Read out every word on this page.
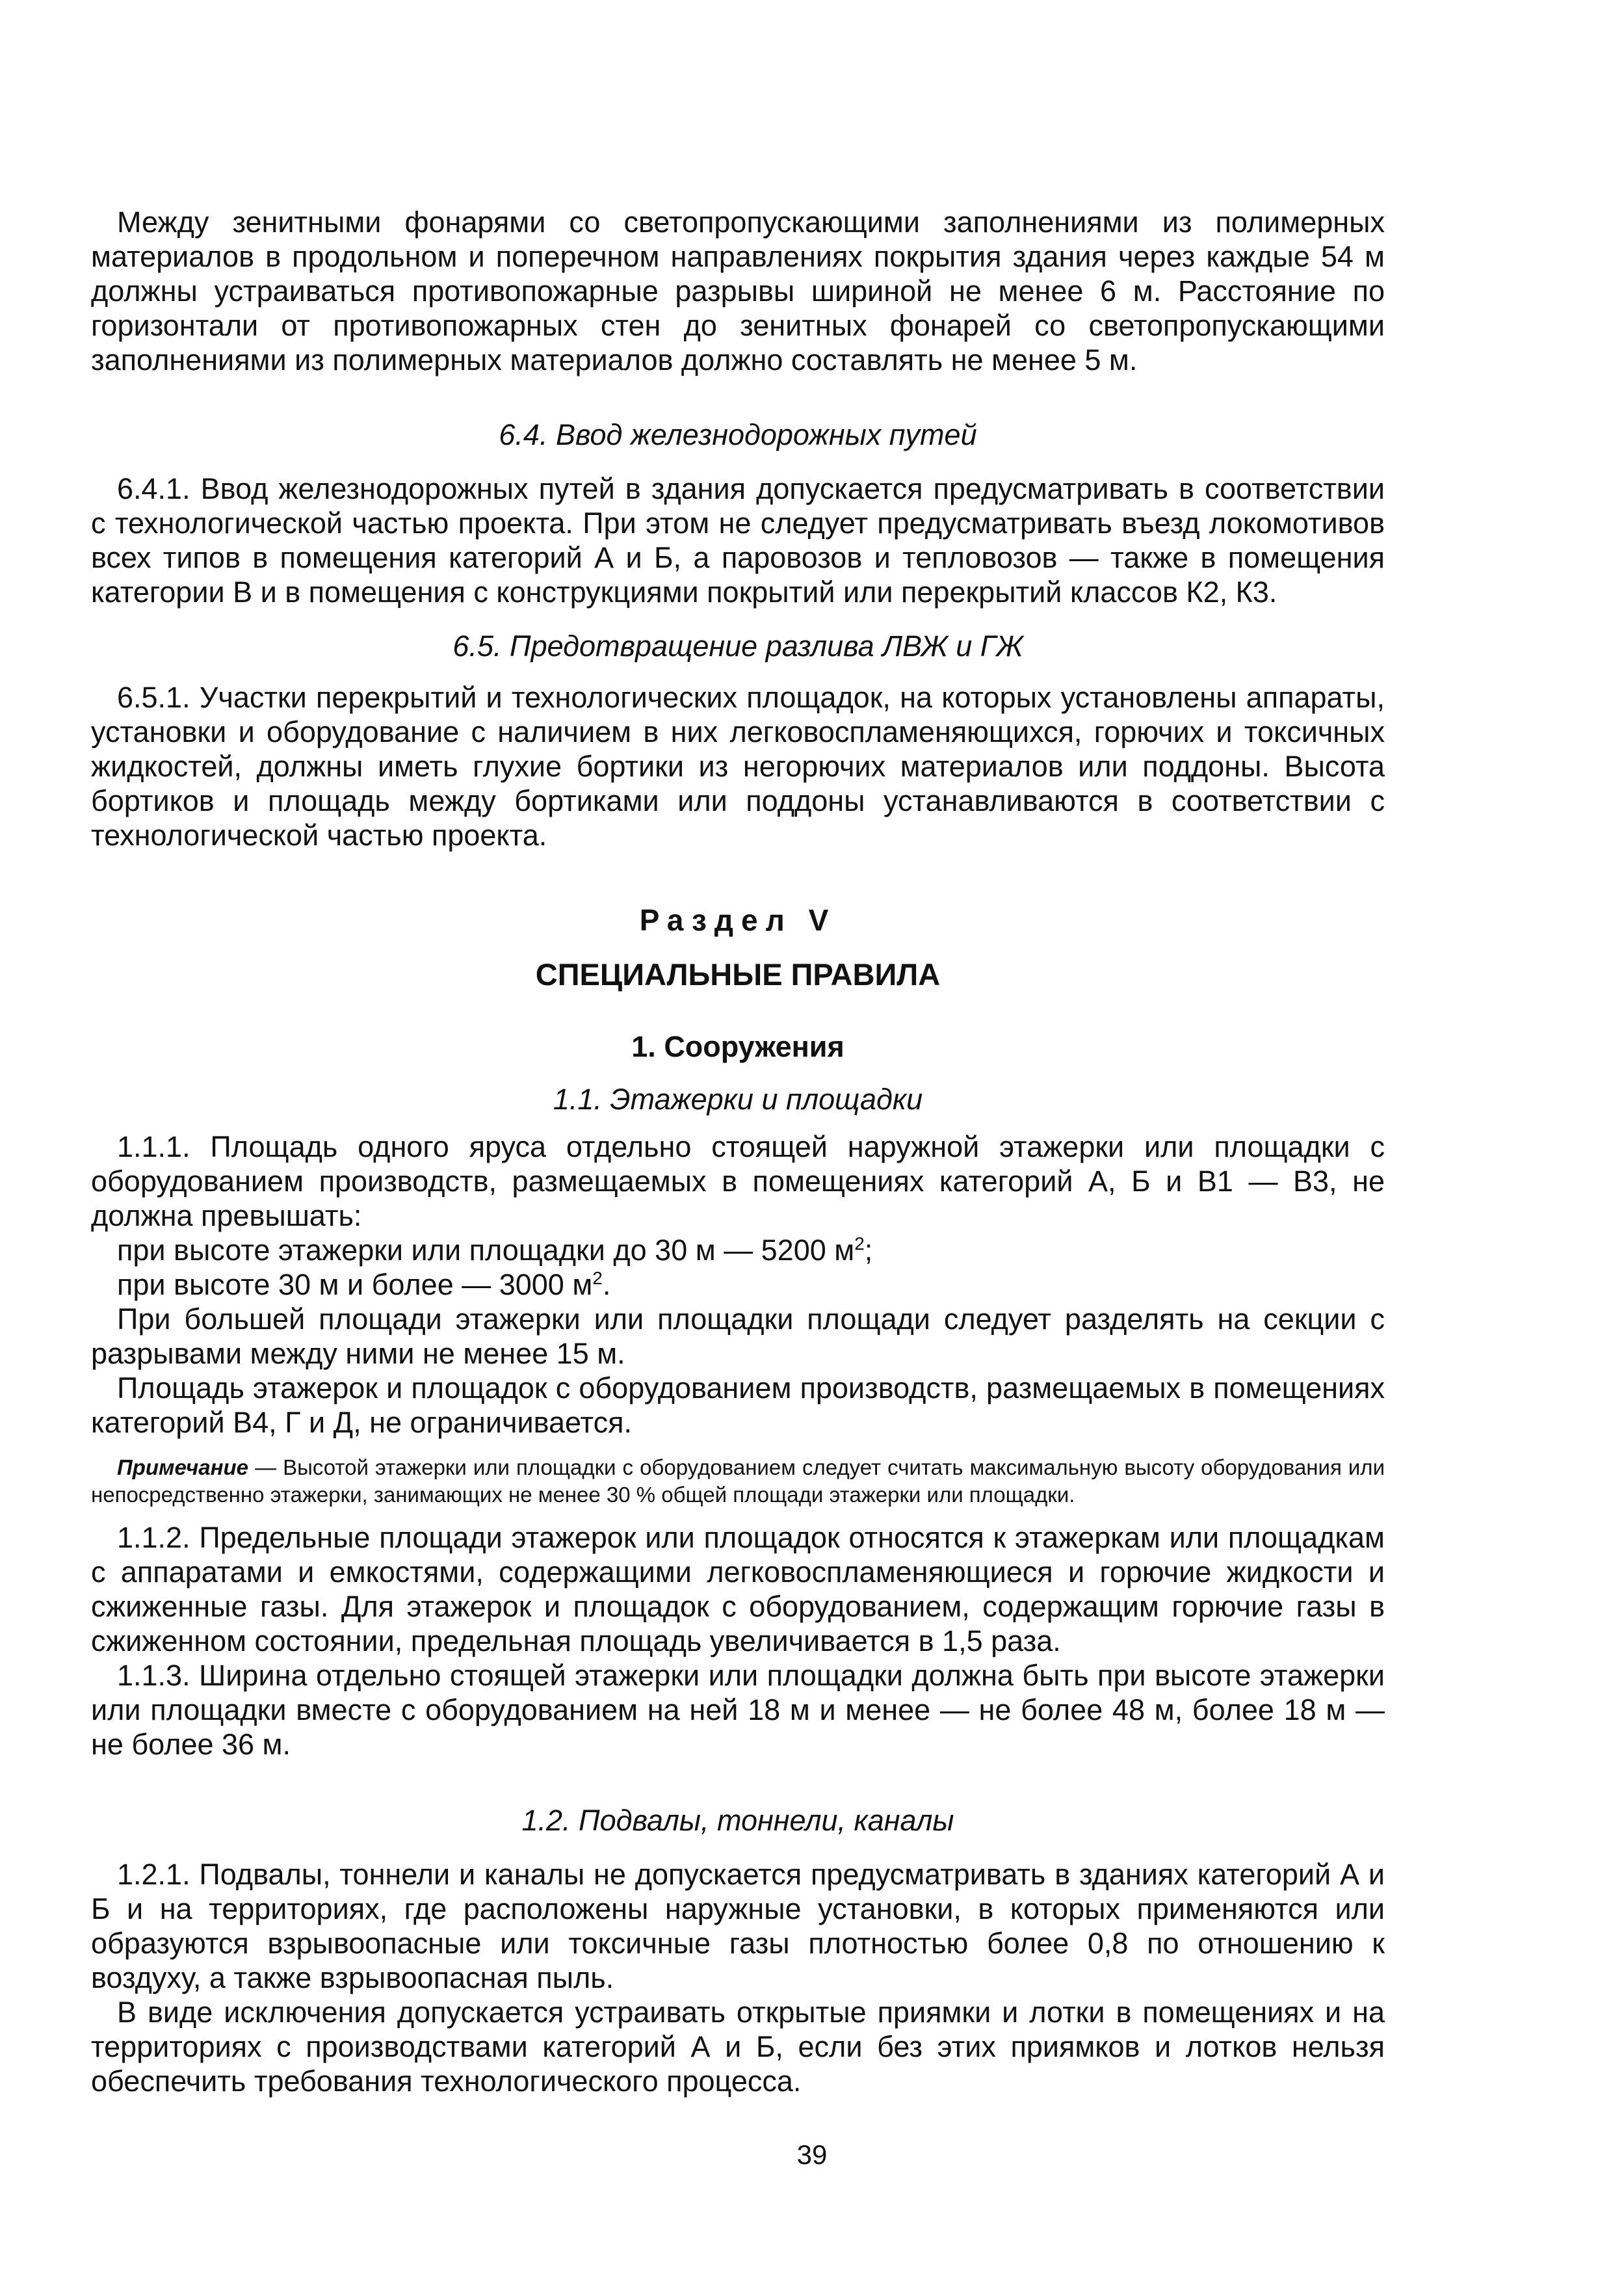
Между зенитными фонарями со светопропускающими заполнениями из полимерных материалов в продольном и поперечном направлениях покрытия здания через каждые 54 м должны устраиваться противопожарные разрывы шириной не менее 6 м. Расстояние по горизонтали от противопожарных стен до зенитных фонарей со светопропускающими заполнениями из полимерных материалов должно составлять не менее 5 м.

6.4. Ввод железнодорожных путей

6.4.1. Ввод железнодорожных путей в здания допускается предусматривать в соответствии с технологической частью проекта. При этом не следует предусматривать въезд локомотивов всех типов в помещения категорий А и Б, а паровозов и тепловозов — также в помещения категории В и в помещения с конструкциями покрытий или перекрытий классов К2, К3.

6.5. Предотвращение разлива ЛВЖ и ГЖ

6.5.1. Участки перекрытий и технологических площадок, на которых установлены аппараты, установки и оборудование с наличием в них легковоспламеняющихся, горючих и токсичных жидкостей, должны иметь глухие бортики из негорючих материалов или поддоны. Высота бортиков и площадь между бортиками или поддоны устанавливаются в соответствии с технологической частью проекта.

Раздел V

СПЕЦИАЛЬНЫЕ ПРАВИЛА

1. Сооружения

1.1. Этажерки и площадки

1.1.1. Площадь одного яруса отдельно стоящей наружной этажерки или площадки с оборудованием производств, размещаемых в помещениях категорий А, Б и В1 — В3, не должна превышать:

при высоте этажерки или площадки до 30 м — 5200 $м^2$;

при высоте 30 м и более — 3000 $м^2$.

При большей площади этажерки или площадки площади следует разделять на секции с разрывами между ними не менее 15 м.

Площадь этажерок и площадок с оборудованием производств, размещаемых в помещениях категорий В4, Г и Д, не ограничивается.

Примечание — Высотой этажерки или площадки с оборудованием следует считать максимальную высоту оборудования или непосредственно этажерки, занимающих не менее 30 % общей площади этажерки или площадки.

1.1.2. Предельные площади этажерок или площадок относятся к этажеркам или площадкам с аппаратами и емкостями, содержащими легковоспламеняющиеся и горючие жидкости и сжиженные газы. Для этажерок и площадок с оборудованием, содержащим горючие газы в сжиженном состоянии, предельная площадь увеличивается в 1,5 раза.

1.1.3. Ширина отдельно стоящей этажерки или площадки должна быть при высоте этажерки или площадки вместе с оборудованием на ней 18 м и менее — не более 48 м, более 18 м — не более 36 м.

1.2. Подвалы, тоннели, каналы

1.2.1. Подвалы, тоннели и каналы не допускается предусматривать в зданиях категорий А и Б и на территориях, где расположены наружные установки, в которых применяются или образуются взрывоопасные или токсичные газы плотностью более 0,8 по отношению к воздуху, а также взрывоопасная пыль.

В виде исключения допускается устраивать открытые приямки и лотки в помещениях и на территориях с производствами категорий А и Б, если без этих приямков и лотков нельзя обеспечить требования технологического процесса.

39
